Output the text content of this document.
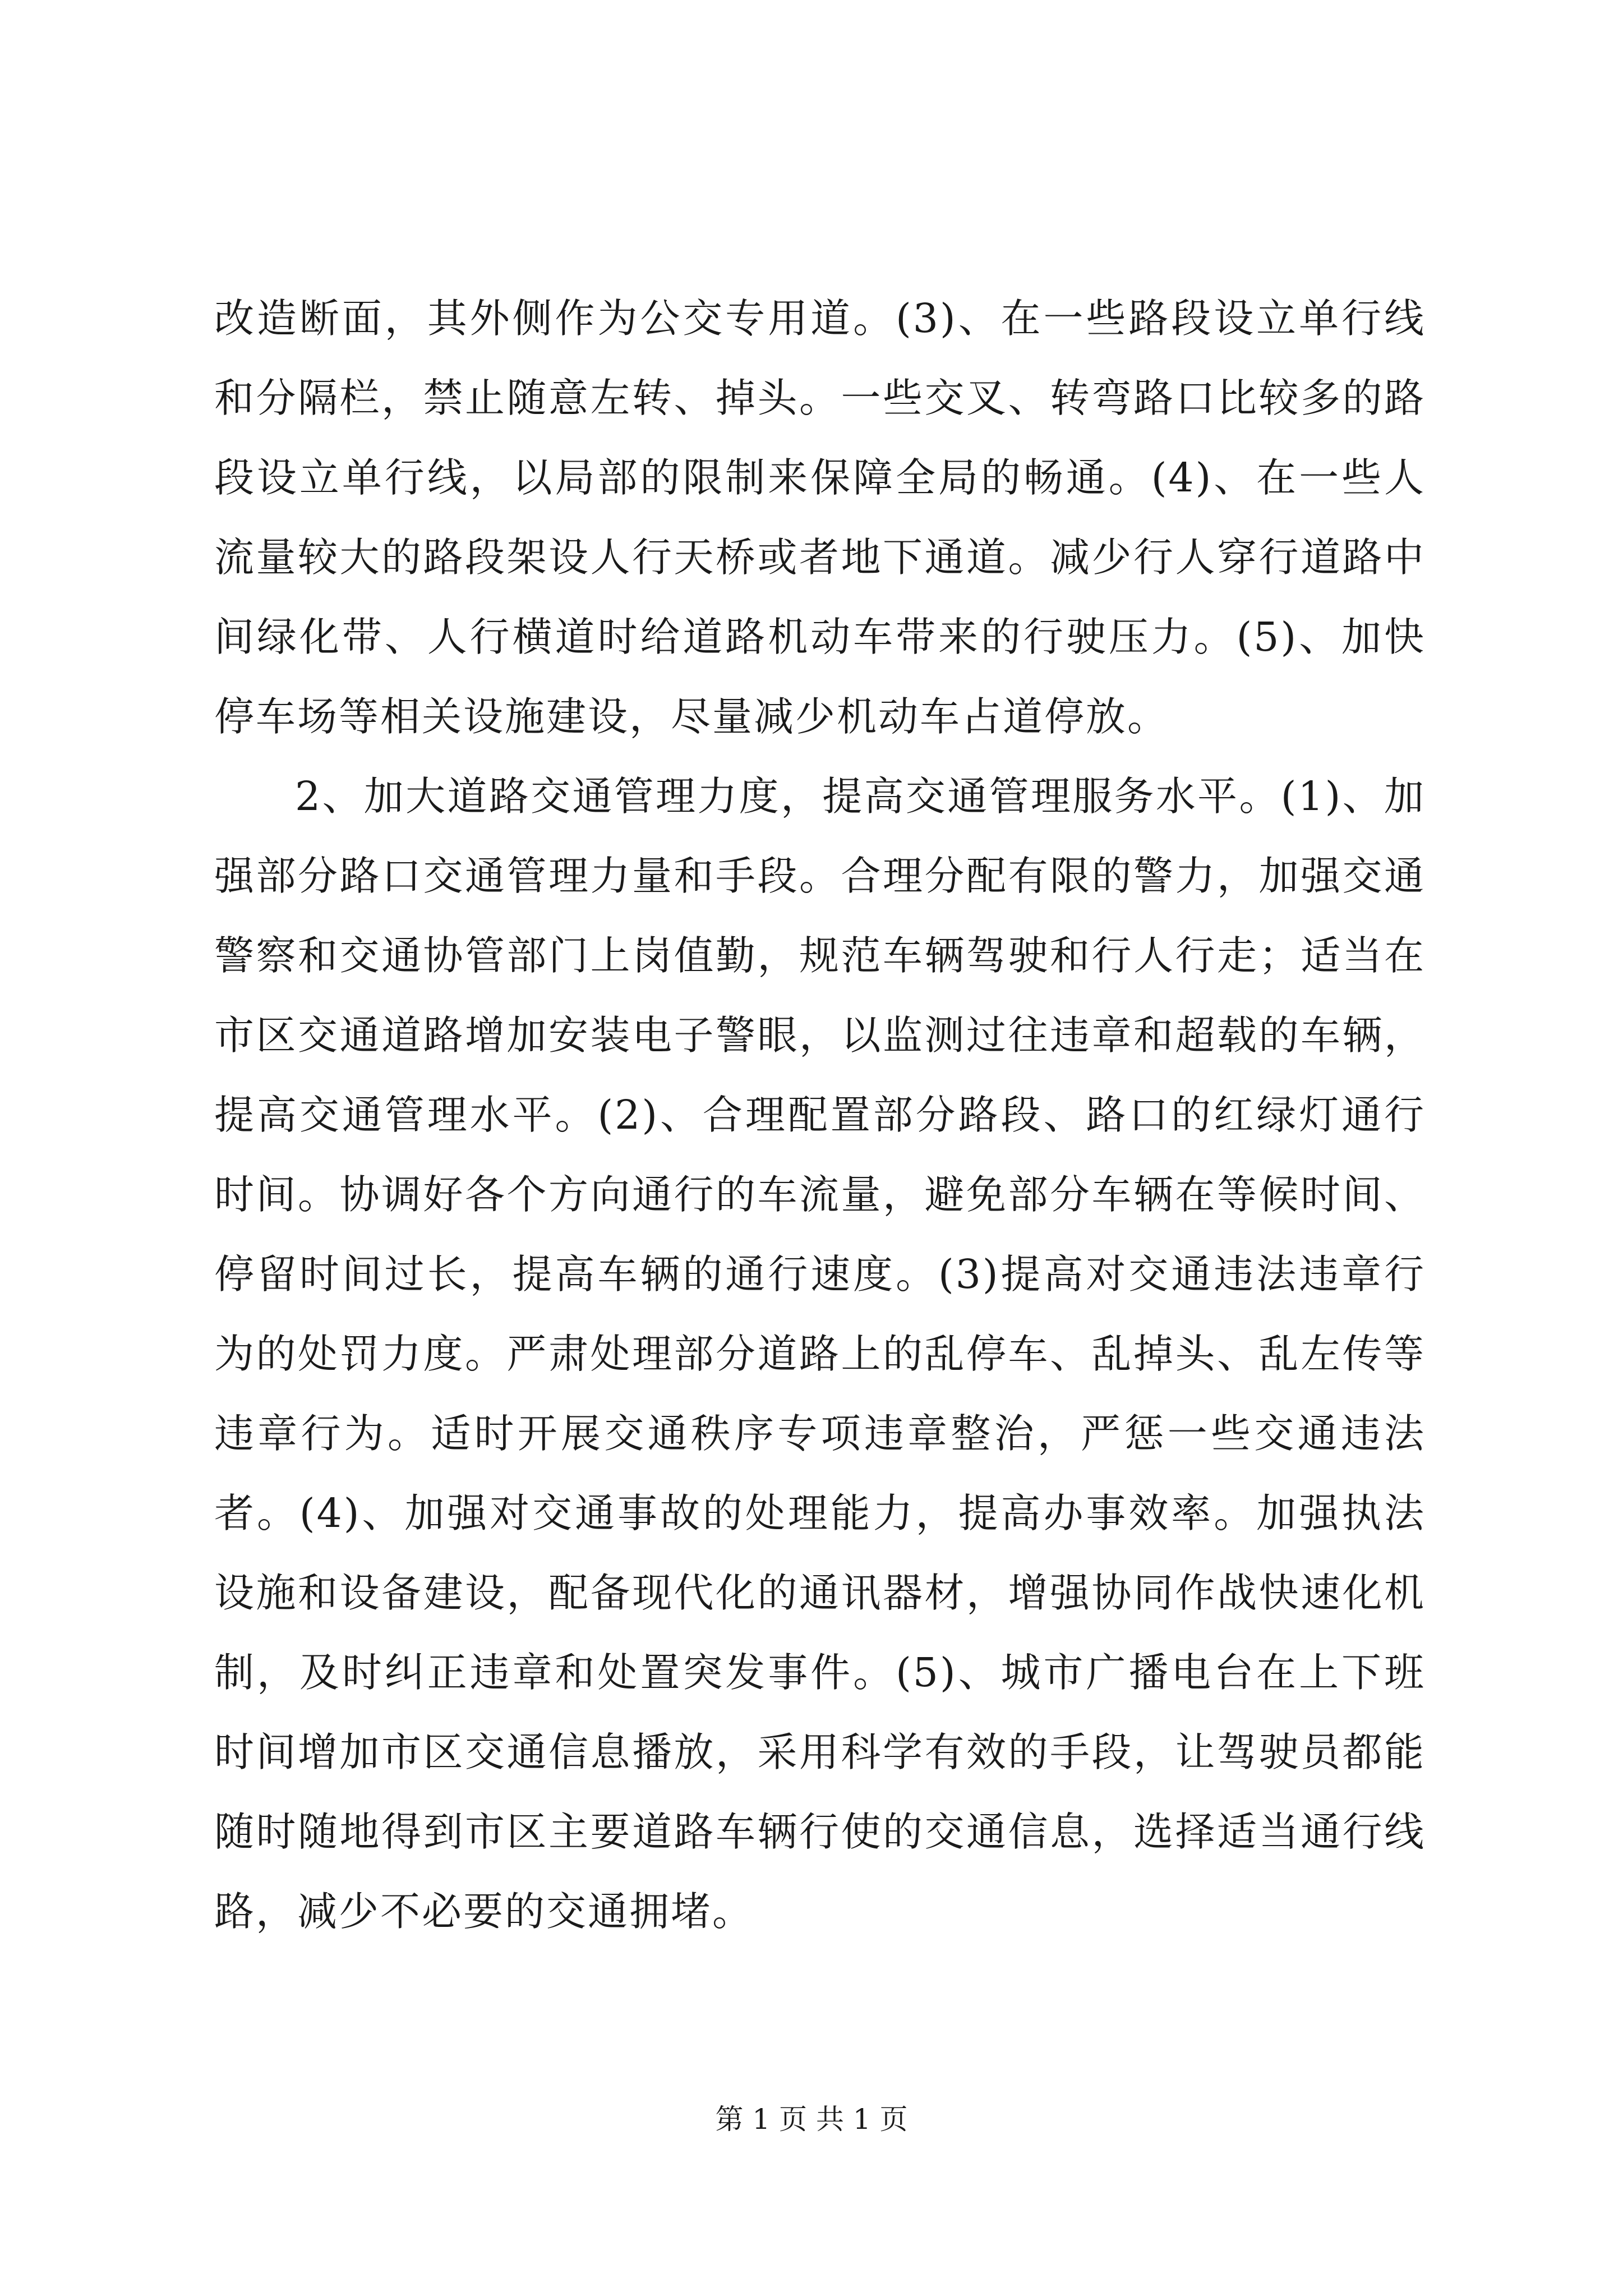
改造断面，其外侧作为公交专用道。(3)、在一些路段设立单行线和分隔栏，禁止随意左转、掉头。一些交叉、转弯路口比较多的路段设立单行线，以局部的限制来保障全局的畅通。(4)、在一些人流量较大的路段架设人行天桥或者地下通道。减少行人穿行道路中间绿化带、人行横道时给道路机动车带来的行驶压力。(5)、加快停车场等相关设施建设，尽量减少机动车占道停放。

2、加大道路交通管理力度，提高交通管理服务水平。(1)、加强部分路口交通管理力量和手段。合理分配有限的警力，加强交通警察和交通协管部门上岗值勤，规范车辆驾驶和行人行走；适当在市区交通道路增加安装电子警眼，以监测过往违章和超载的车辆，提高交通管理水平。(2)、合理配置部分路段、路口的红绿灯通行时间。协调好各个方向通行的车流量，避免部分车辆在等候时间、停留时间过长，提高车辆的通行速度。(3)提高对交通违法违章行为的处罚力度。严肃处理部分道路上的乱停车、乱掉头、乱左传等违章行为。适时开展交通秩序专项违章整治，严惩一些交通违法者。(4)、加强对交通事故的处理能力，提高办事效率。加强执法设施和设备建设，配备现代化的通讯器材，增强协同作战快速化机制，及时纠正违章和处置突发事件。(5)、城市广播电台在上下班时间增加市区交通信息播放，采用科学有效的手段，让驾驶员都能随时随地得到市区主要道路车辆行使的交通信息，选择适当通行线路，减少不必要的交通拥堵。

第 1 页 共 1 页
